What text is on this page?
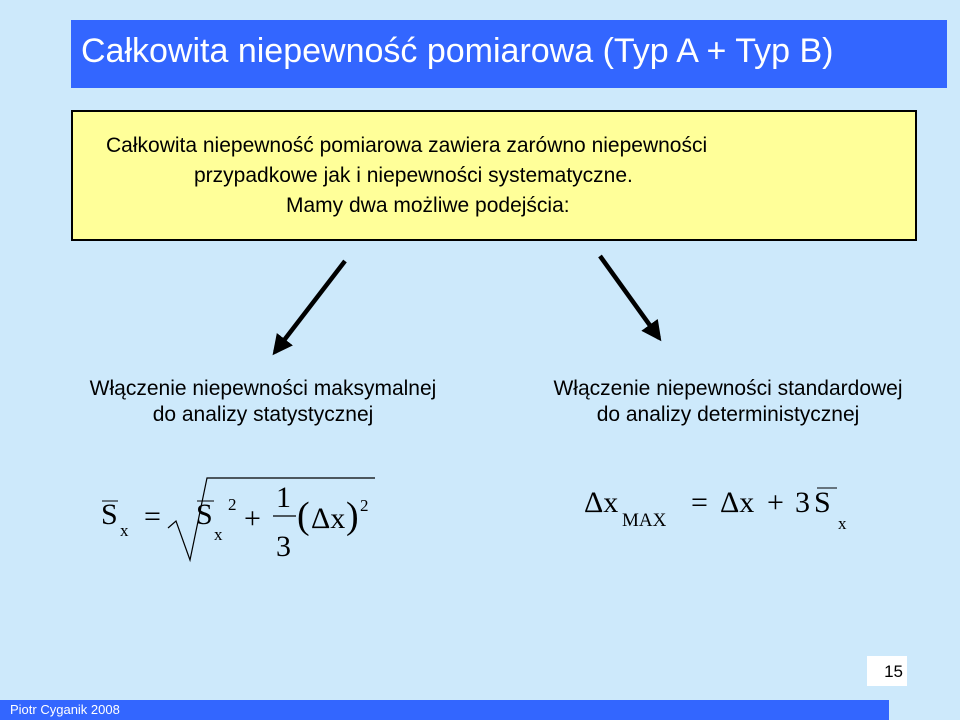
Całkowita niepewność pomiarowa (Typ A + Typ B)
Całkowita niepewność pomiarowa zawiera zarówno niepewności
przypadkowe jak i niepewności systematyczne.
Mamy dwa możliwe podejścia:
Włączenie niepewności maksymalnej
do analizy statystycznej
Włączenie niepewności standardowej
do analizy deterministycznej
S x = S
x
2 +
1
3
( Δx ) 2	Δx
MAX
= Δx + 3 S
x
15
Piotr Cyganik 2008
